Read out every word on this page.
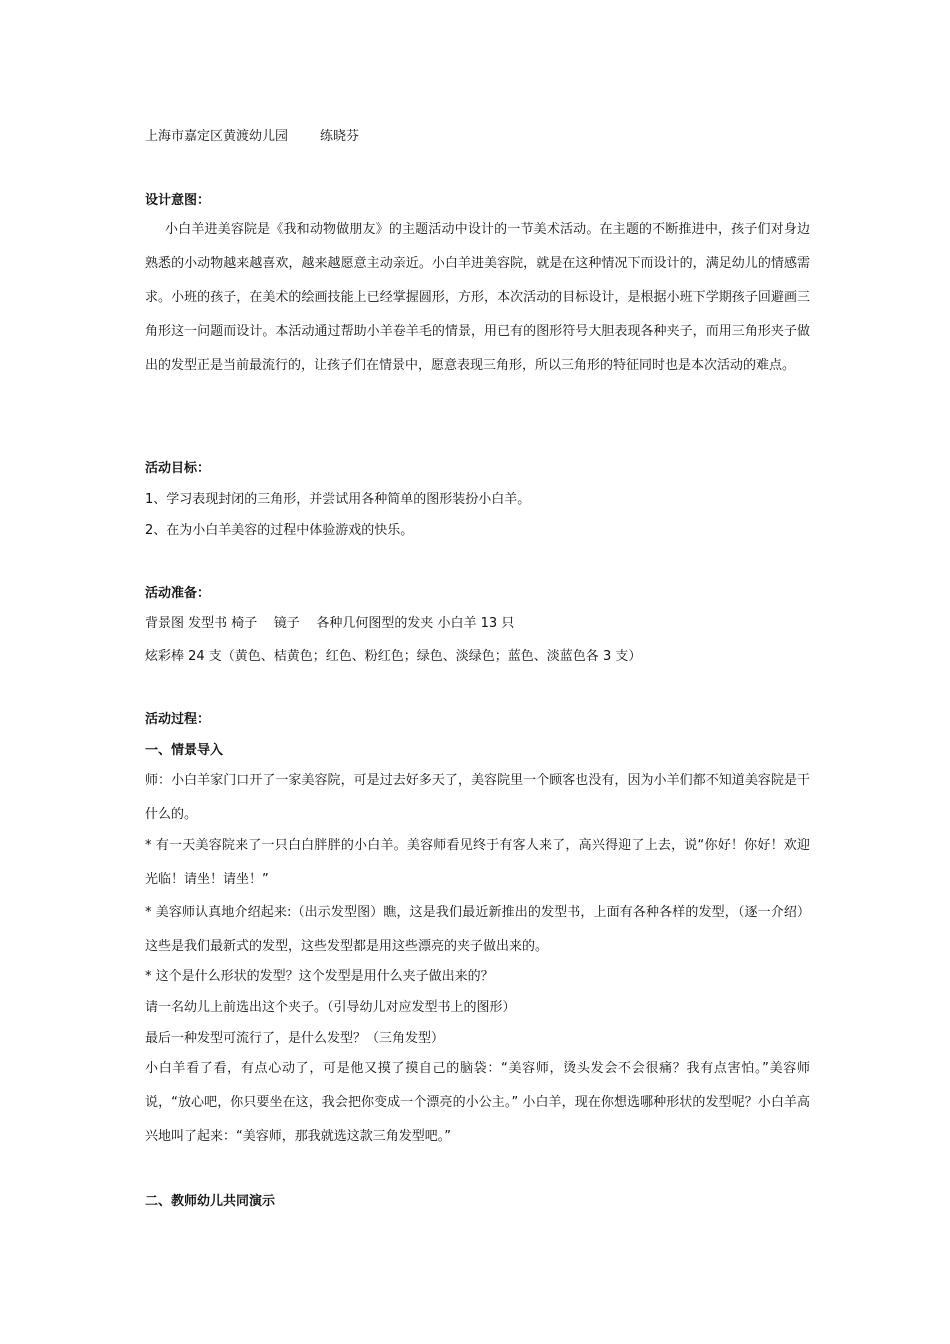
上海市嘉定区黄渡幼儿园 练晓芬
设计意图：
小白羊进美容院是《我和动物做朋友》的主题活动中设计的一节美术活动。在主题的不断推进中，孩子们对身边熟悉的小动物越来越喜欢，越来越愿意主动亲近。小白羊进美容院，就是在这种情况下而设计的，满足幼儿的情感需求。小班的孩子，在美术的绘画技能上已经掌握圆形，方形，本次活动的目标设计，是根据小班下学期孩子回避画三角形这一问题而设计。本活动通过帮助小羊卷羊毛的情景，用已有的图形符号大胆表现各种夹子，而用三角形夹子做出的发型正是当前最流行的，让孩子们在情景中，愿意表现三角形，所以三角形的特征同时也是本次活动的难点。
活动目标：
1、学习表现封闭的三角形，并尝试用各种简单的图形装扮小白羊。
2、在为小白羊美容的过程中体验游戏的快乐。
活动准备：
背景图 发型书 椅子    镜子    各种几何图型的发夹 小白羊 13 只
炫彩棒 24 支（黄色、桔黄色；红色、粉红色；绿色、淡绿色；蓝色、淡蓝色各 3 支）
活动过程：
一、情景导入
师：小白羊家门口开了一家美容院，可是过去好多天了，美容院里一个顾客也没有，因为小羊们都不知道美容院是干什么的。
* 有一天美容院来了一只白白胖胖的小白羊。美容师看见终于有客人来了，高兴得迎了上去，说“你好！你好！欢迎光临！请坐！请坐！”
* 美容师认真地介绍起来:（出示发型图）瞧，这是我们最近新推出的发型书，上面有各种各样的发型，（逐一介绍）这些是我们最新式的发型，这些发型都是用这些漂亮的夹子做出来的。
* 这个是什么形状的发型？这个发型是用什么夹子做出来的？
请一名幼儿上前选出这个夹子。（引导幼儿对应发型书上的图形）
最后一种发型可流行了，是什么发型？（三角发型）
小白羊看了看，有点心动了，可是他又摸了摸自己的脑袋：“美容师，烫头发会不会很痛？我有点害怕。”美容师说，“放心吧，你只要坐在这，我会把你变成一个漂亮的小公主。” 小白羊，现在你想选哪种形状的发型呢？小白羊高兴地叫了起来：“美容师，那我就选这款三角发型吧。”
二、教师幼儿共同演示
